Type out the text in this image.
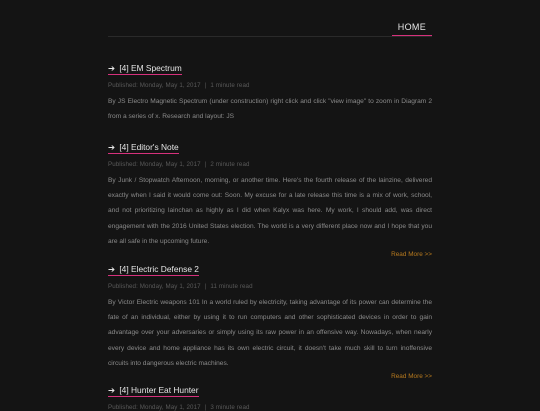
HOME
➔ [4] EM Spectrum
Published: Monday, May 1, 2017 | 1 minute read
By JS Electro Magnetic Spectrum (under construction) right click and click "view image" to zoom in Diagram 2 from a series of x. Research and layout: JS
➔ [4] Editor's Note
Published: Monday, May 1, 2017 | 2 minute read
By Junk / Stopwatch Afternoon, morning, or another time. Here's the fourth release of the lainzine, delivered exactly when I said it would come out: Soon. My excuse for a late release this time is a mix of work, school, and not prioritizing lainchan as highly as I did when Kalyx was here. My work, I should add, was direct engagement with the 2016 United States election. The world is a very different place now and I hope that you are all safe in the upcoming future.
Read More >>
➔ [4] Electric Defense 2
Published: Monday, May 1, 2017 | 11 minute read
By Victor Electric weapons 101 In a world ruled by electricity, taking advantage of its power can determine the fate of an individual, either by using it to run computers and other sophisticated devices in order to gain advantage over your adversaries or simply using its raw power in an offensive way. Nowadays, when nearly every device and home appliance has its own electric circuit, it doesn't take much skill to turn inoffensive circuits into dangerous electric machines.
Read More >>
➔ [4] Hunter Eat Hunter
Published: Monday, May 1, 2017 | 3 minute read
